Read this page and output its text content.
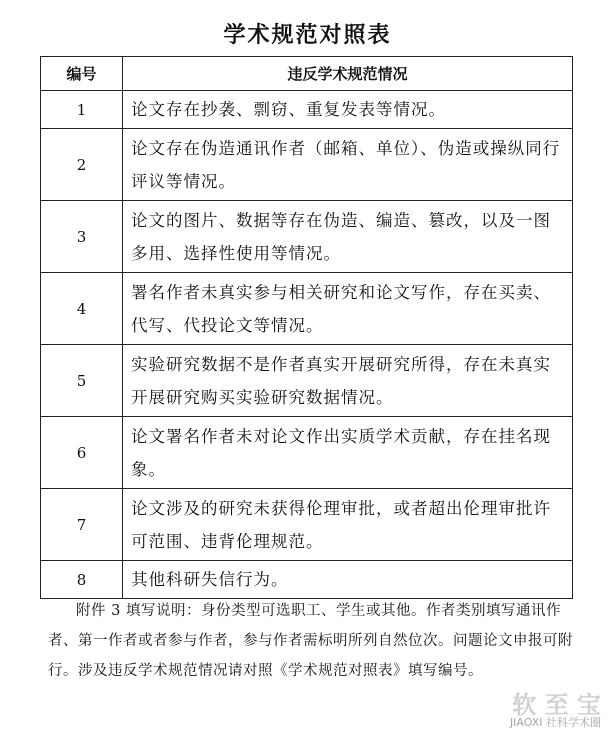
学术规范对照表
编号	违反学术规范情况
1	论文存在抄袭、剽窃、重复发表等情况。
2	论文存在伪造通讯作者（邮箱、单位）、伪造或操纵同行评议等情况。
3	论文的图片、数据等存在伪造、编造、篡改，以及一图多用、选择性使用等情况。
4	署名作者未真实参与相关研究和论文写作，存在买卖、代写、代投论文等情况。
5	实验研究数据不是作者真实开展研究所得，存在未真实开展研究购买实验研究数据情况。
6	论文署名作者未对论文作出实质学术贡献，存在挂名现象。
7	论文涉及的研究未获得伦理审批，或者超出伦理审批许可范围、违背伦理规范。
8	其他科研失信行为。
附件 3 填写说明：身份类型可选职工、学生或其他。作者类别填写通讯作者、第一作者或者参与作者，参与作者需标明所列自然位次。问题论文申报可附行。涉及违反学术规范情况请对照《学术规范对照表》填写编号。
软 至 宝
JIAOXI 社科学术圈
